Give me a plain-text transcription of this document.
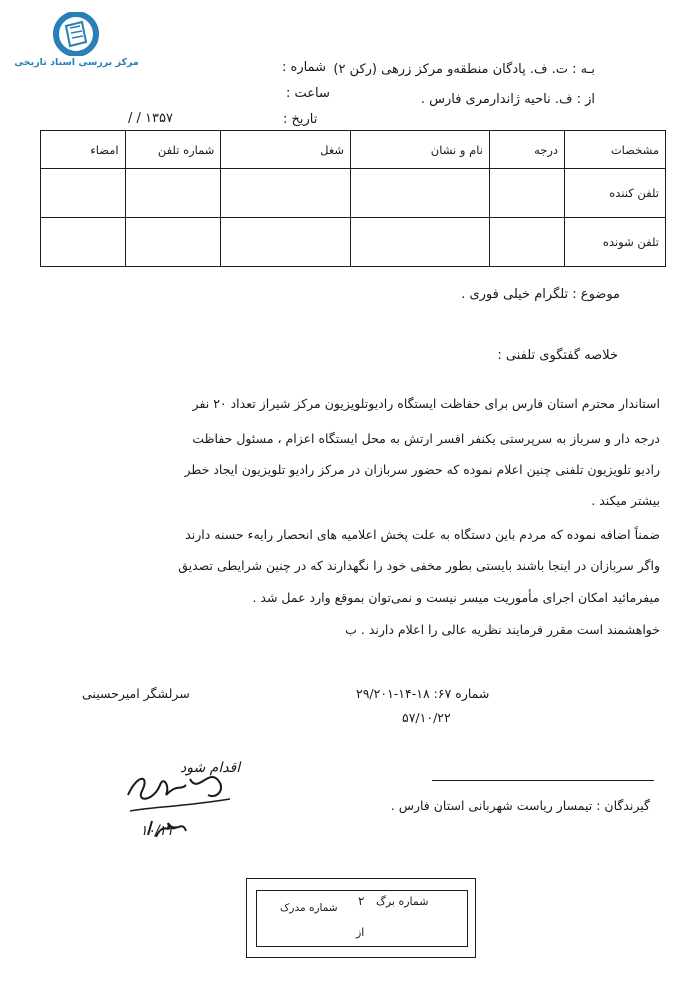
مرکز بررسی اسناد تاریخی	بـه : ت. ف. پادگان منطقه‌و مرکز زرهی (رکن ۲)
از : ف. ناحیه ژاندارمری فارس .
شماره :
ساعت :
تاریخ :
/ / ۱۳۵۷
مشخصات	درجه	نام و نشان	شغل	شماره تلفن	امضاء
تلفن کننده					
تلفن شونده					
موضوع : تلگرام خیلی فوری .
خلاصه گفتگوی تلفنی :
استاندار محترم استان فارس برای حفاظت ایستگاه رادیوتلویزیون مرکز شیراز تعداد ۲۰ نفر
درجه دار و سرباز به سرپرستی یکنفر افسر ارتش به محل ایستگاه اعزام ، مسئول حفاظت
رادیو تلویزیون تلفنی چنین اعلام نموده که حضور سربازان در مرکز رادیو تلویزیون ایجاد خطر
بیشتر میکند .
ضمناً اضافه نموده که مردم باین دستگاه به علت پخش اعلامیه های انحصار رایهء حسنه دارند
واگر سربازان در اینجا باشند بایستی بطور مخفی خود را نگهدارند که در چنین شرایطی تصدیق
میفرمائید امکان اجرای مأموریت میسر نیست و نمی‌توان بموقع وارد عمل شد .
خواهشمند است مقرر فرمایند نظریه عالی را اعلام دارند . ب
سرلشگر امیرحسینی	شماره ۶۷: ۱۸-۱۴-۲۹/۲۰۱
۵۷/۱۰/۲۲
گیرندگان : تیمسار ریاست شهربانی استان فارس .
اقدام شود
۱۰/۲۳
شماره برگ
۲
شماره مدرک
از
